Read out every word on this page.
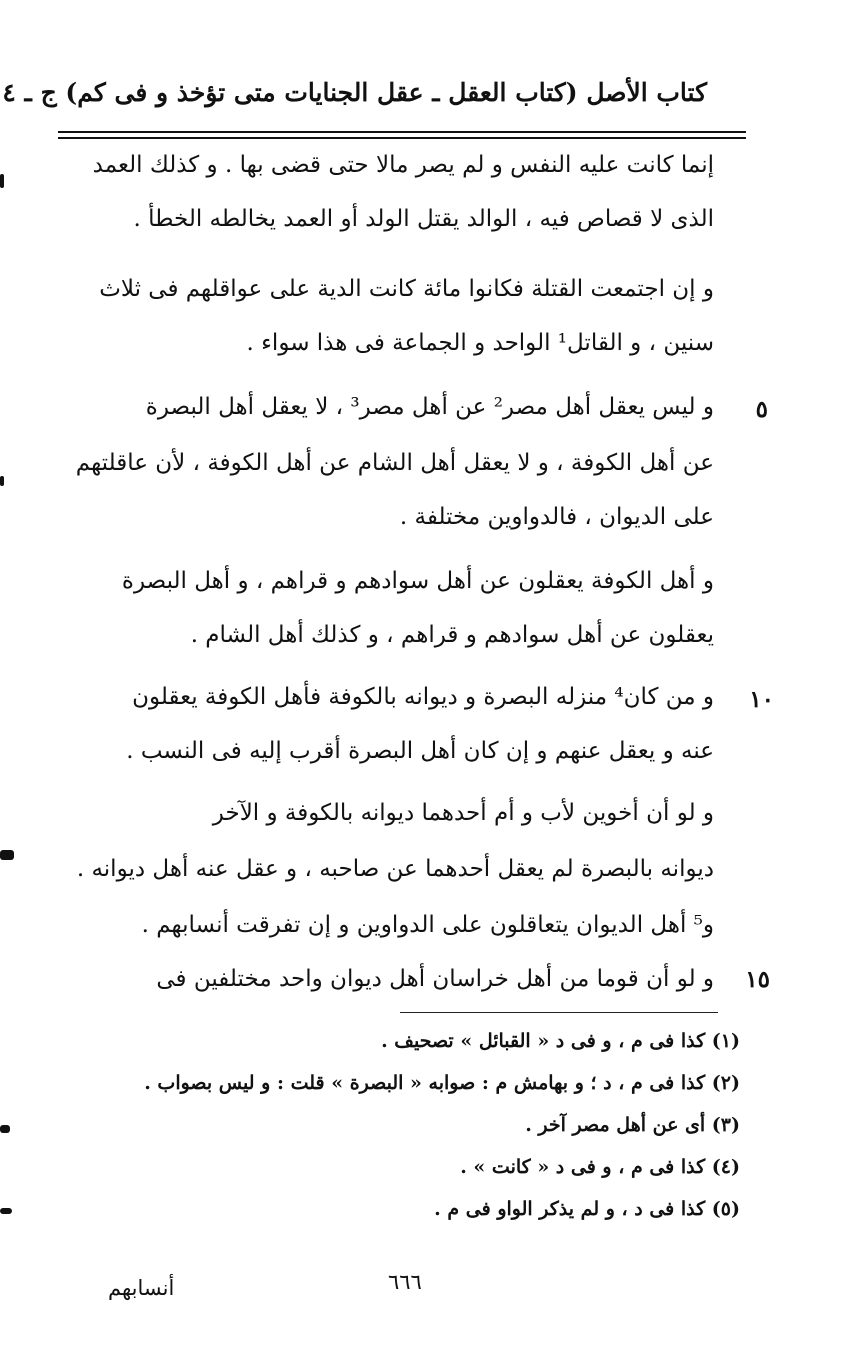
كتاب الأصل (كتاب العقل ـ عقل الجنايات متى تؤخذ و فى كم) ج ـ ٤
إنما كانت عليه النفس و لم يصر مالا حتى قضى بها . و كذلك العمد
الذى لا قصاص فيه ، الوالد يقتل الولد أو العمد يخالطه الخطأ .
و إن اجتمعت القتلة فكانوا مائة كانت الدية على عواقلهم فى ثلاث
سنين ، و القاتل¹ الواحد و الجماعة فى هذا سواء .
و ليس يعقل أهل مصر² عن أهل مصر³ ، لا يعقل أهل البصرة
عن أهل الكوفة ، و لا يعقل أهل الشام عن أهل الكوفة ، لأن عاقلتهم
على الديوان ، فالدواوين مختلفة .
و أهل الكوفة يعقلون عن أهل سوادهم و قراهم ، و أهل البصرة
يعقلون عن أهل سوادهم و قراهم ، و كذلك أهل الشام .
و من كان⁴ منزله البصرة و ديوانه بالكوفة فأهل الكوفة يعقلون
عنه و يعقل عنهم و إن كان أهل البصرة أقرب إليه فى النسب .
و لو أن أخوين لأب و أم أحدهما ديوانه بالكوفة و الآخر
ديوانه بالبصرة لم يعقل أحدهما عن صاحبه ، و عقل عنه أهل ديوانه .
و⁵ أهل الديوان يتعاقلون على الدواوين و إن تفرقت أنسابهم .
و لو أن قوما من أهل خراسان أهل ديوان واحد مختلفين فى
٥
١٠
١٥
(١) كذا فى م ، و فى د « القبائل » تصحيف .
(٢) كذا فى م ، د ؛ و بهامش م : صوابه « البصرة » قلت : و ليس بصواب .
(٣) أى عن أهل مصر آخر .
(٤) كذا فى م ، و فى د « كانت » .
(٥) كذا فى د ، و لم يذكر الواو فى م .
أنسابهم	٦٦٦
